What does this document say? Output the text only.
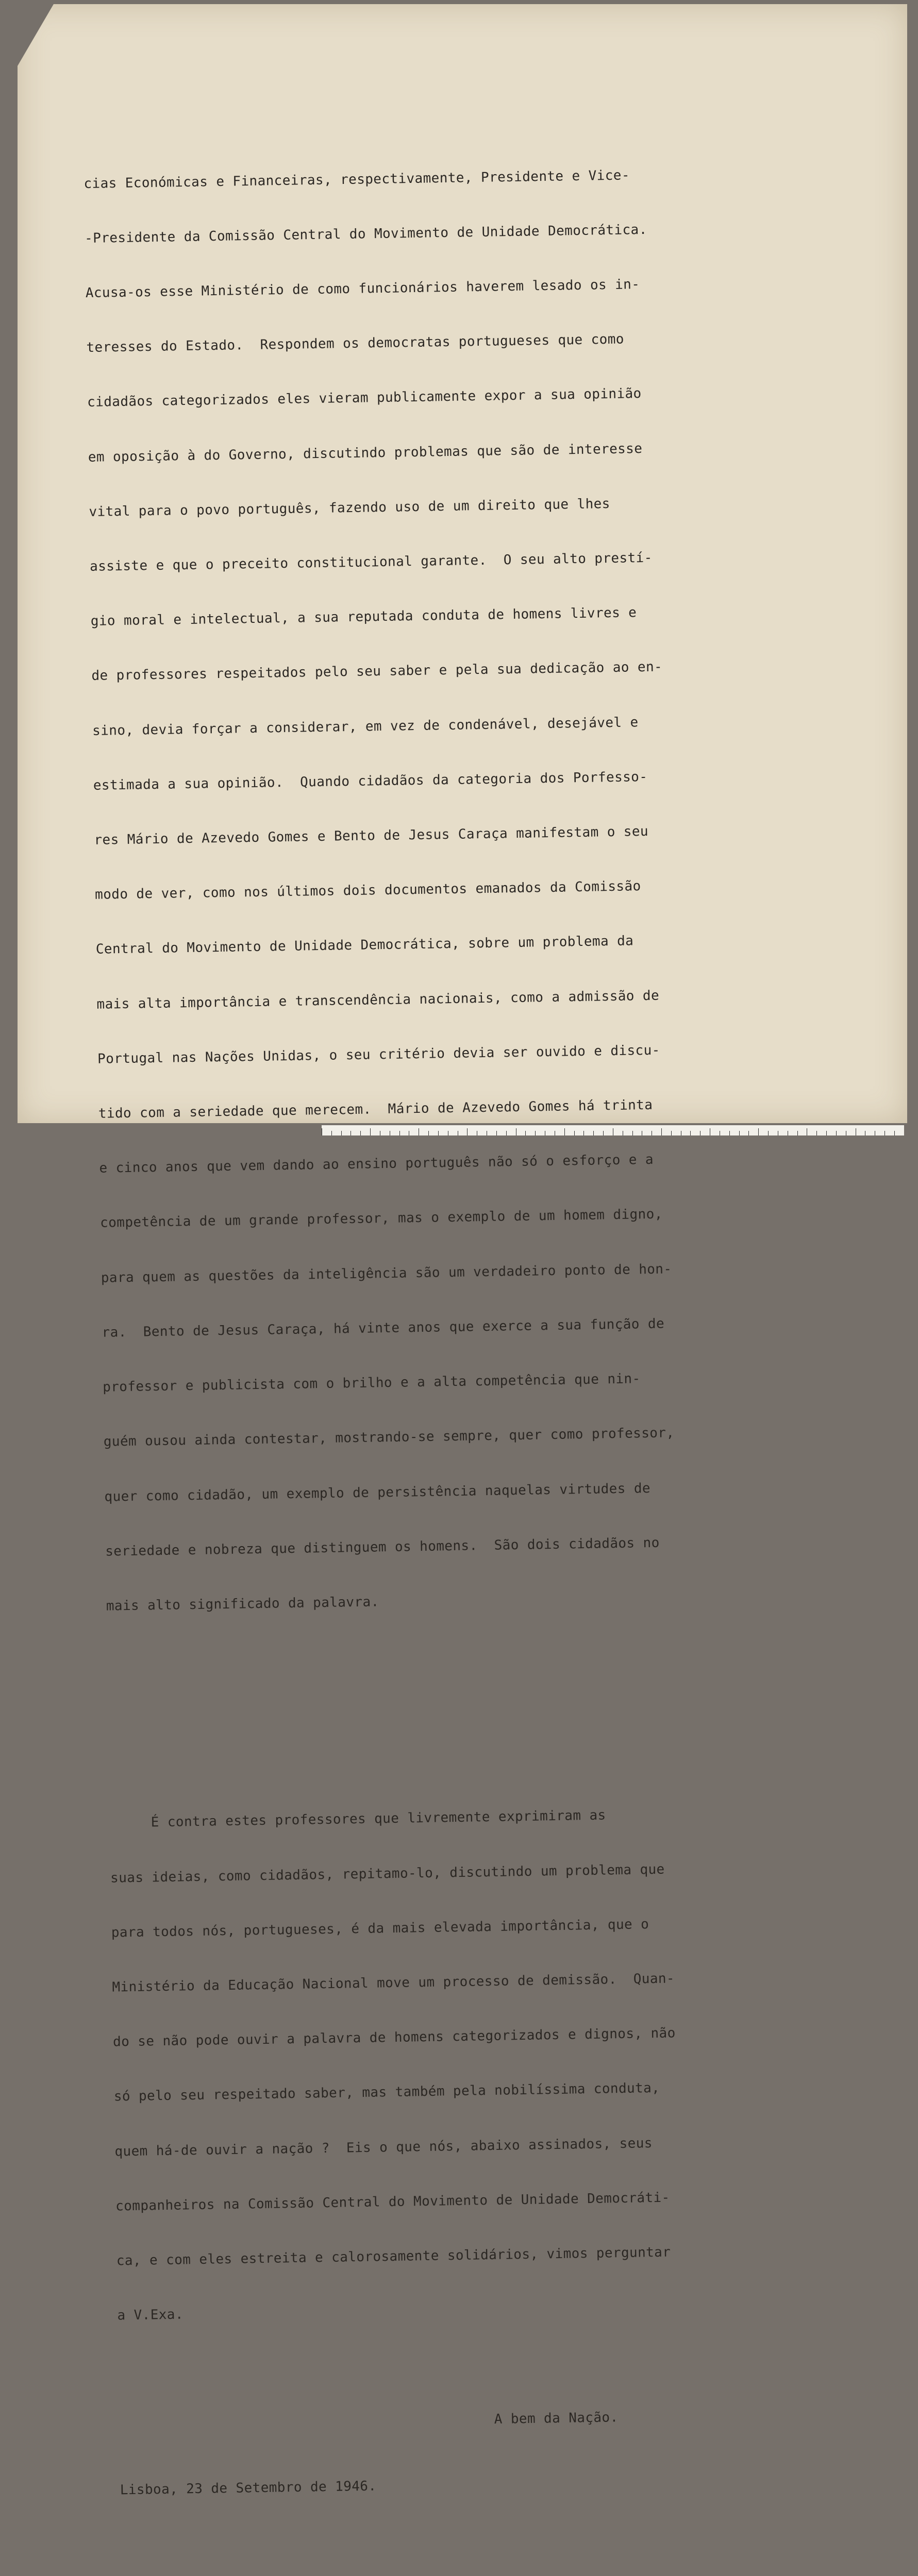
cias Económicas e Financeiras, respectivamente, Presidente e Vice-

-Presidente da Comissão Central do Movimento de Unidade Democrática.

Acusa-os esse Ministério de como funcionários haverem lesado os in-

teresses do Estado.  Respondem os democratas portugueses que como

cidadãos categorizados eles vieram publicamente expor a sua opinião

em oposição à do Governo, discutindo problemas que são de interesse

vital para o povo português, fazendo uso de um direito que lhes

assiste e que o preceito constitucional garante.  O seu alto prestí-

gio moral e intelectual, a sua reputada conduta de homens livres e

de professores respeitados pelo seu saber e pela sua dedicação ao en-

sino, devia forçar a considerar, em vez de condenável, desejável e

estimada a sua opinião.  Quando cidadãos da categoria dos Porfesso-

res Mário de Azevedo Gomes e Bento de Jesus Caraça manifestam o seu

modo de ver, como nos últimos dois documentos emanados da Comissão

Central do Movimento de Unidade Democrática, sobre um problema da

mais alta importância e transcendência nacionais, como a admissão de

Portugal nas Nações Unidas, o seu critério devia ser ouvido e discu-

tido com a seriedade que merecem.  Mário de Azevedo Gomes há trinta

e cinco anos que vem dando ao ensino português não só o esforço e a

competência de um grande professor, mas o exemplo de um homem digno,

para quem as questões da inteligência são um verdadeiro ponto de hon-

ra.  Bento de Jesus Caraça, há vinte anos que exerce a sua função de

professor e publicista com o brilho e a alta competência que nin-

guém ousou ainda contestar, mostrando-se sempre, quer como professor,

quer como cidadão, um exemplo de persistência naquelas virtudes de

seriedade e nobreza que distinguem os homens.  São dois cidadãos no

mais alto significado da palavra.

É contra estes professores que livremente exprimiram as

suas ideias, como cidadãos, repitamo-lo, discutindo um problema que

para todos nós, portugueses, é da mais elevada importância, que o

Ministério da Educação Nacional move um processo de demissão.  Quan-

do se não pode ouvir a palavra de homens categorizados e dignos, não

só pelo seu respeitado saber, mas também pela nobilíssima conduta,

quem há-de ouvir a nação ?  Eis o que nós, abaixo assinados, seus

companheiros na Comissão Central do Movimento de Unidade Democráti-

ca, e com eles estreita e calorosamente solidários, vimos perguntar

a V.Exa.

A bem da Nação.

Lisboa, 23 de Setembro de 1946.
